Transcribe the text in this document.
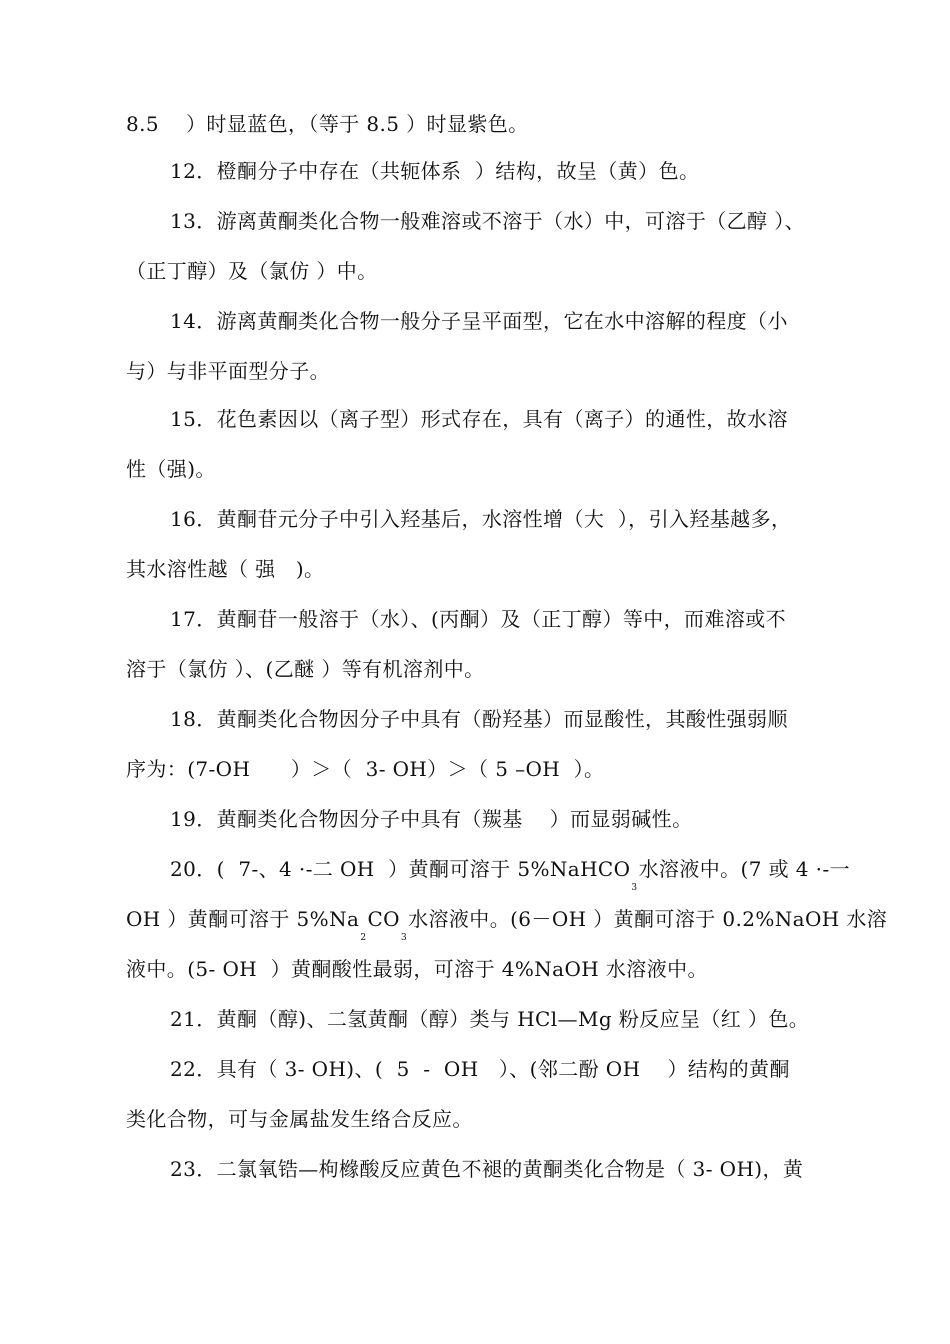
8.5    ）时显蓝色，（等于 8.5 ）时显紫色。
12．橙酮分子中存在（共轭体系  ）结构，故呈（黄）色。
13．游离黄酮类化合物一般难溶或不溶于（水）中，可溶于（乙醇 ）、
（正丁醇）及（氯仿 ）中。
14．游离黄酮类化合物一般分子呈平面型，它在水中溶解的程度（小
与）与非平面型分子。
15．花色素因以（离子型）形式存在，具有（离子）的通性，故水溶
性（强)。
16．黄酮苷元分子中引入羟基后，水溶性增（大  ），引入羟基越多，
其水溶性越（ 强   )。
17．黄酮苷一般溶于（水）、(丙酮）及（正丁醇）等中，而难溶或不
溶于（氯仿 ）、(乙醚 ）等有机溶剂中。
18．黄酮类化合物因分子中具有（酚羟基）而显酸性，其酸性强弱顺
序为：(7-OH      ）＞（  3- OH）＞（ 5 –OH  ）。
19．黄酮类化合物因分子中具有（羰基    ）而显弱碱性。
20．(  7-、4 ·-二 OH  ）黄酮可溶于 5%NaHCO3水溶液中。(7 或 4 ·-一
OH ）黄酮可溶于 5%Na2CO3水溶液中。(6－OH ）黄酮可溶于 0.2%NaOH 水溶
液中。(5- OH  ）黄酮酸性最弱，可溶于 4%NaOH 水溶液中。
21．黄酮（醇)、二氢黄酮（醇）类与 HCl—Mg 粉反应呈（红 ）色。
22．具有（ 3- OH)、(  5  -  OH   ）、(邻二酚 OH    ）结构的黄酮
类化合物，可与金属盐发生络合反应。
23．二氯氧锆—枸橼酸反应黄色不褪的黄酮类化合物是（ 3- OH)，黄
